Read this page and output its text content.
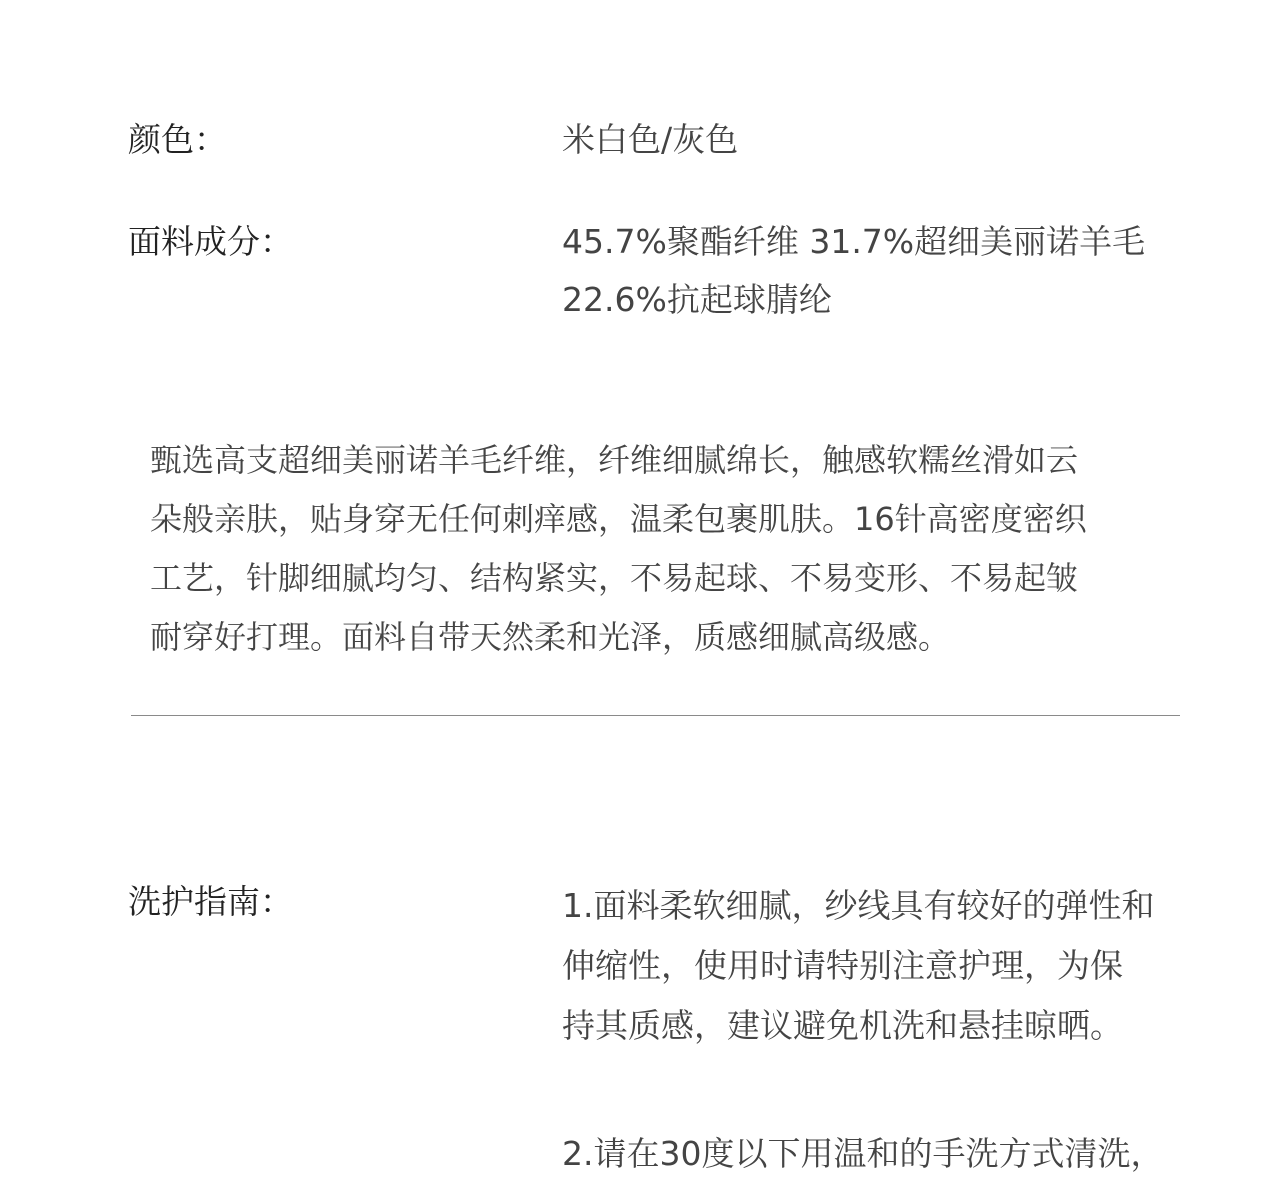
颜色：	米白色/灰色
面料成分：	45.7%聚酯纤维 31.7%超细美丽诺羊毛
22.6%抗起球腈纶
甄选高支超细美丽诺羊毛纤维，纤维细腻绵长，触感软糯丝滑如云
朵般亲肤，贴身穿无任何刺痒感，温柔包裹肌肤。16针高密度密织
工艺，针脚细腻均匀、结构紧实，不易起球、不易变形、不易起皱
耐穿好打理。面料自带天然柔和光泽，质感细腻高级感。
洗护指南：	1.面料柔软细腻，纱线具有较好的弹性和
伸缩性，使用时请特别注意护理，为保
持其质感，建议避免机洗和悬挂晾晒。
2.请在30度以下用温和的手洗方式清洗，
